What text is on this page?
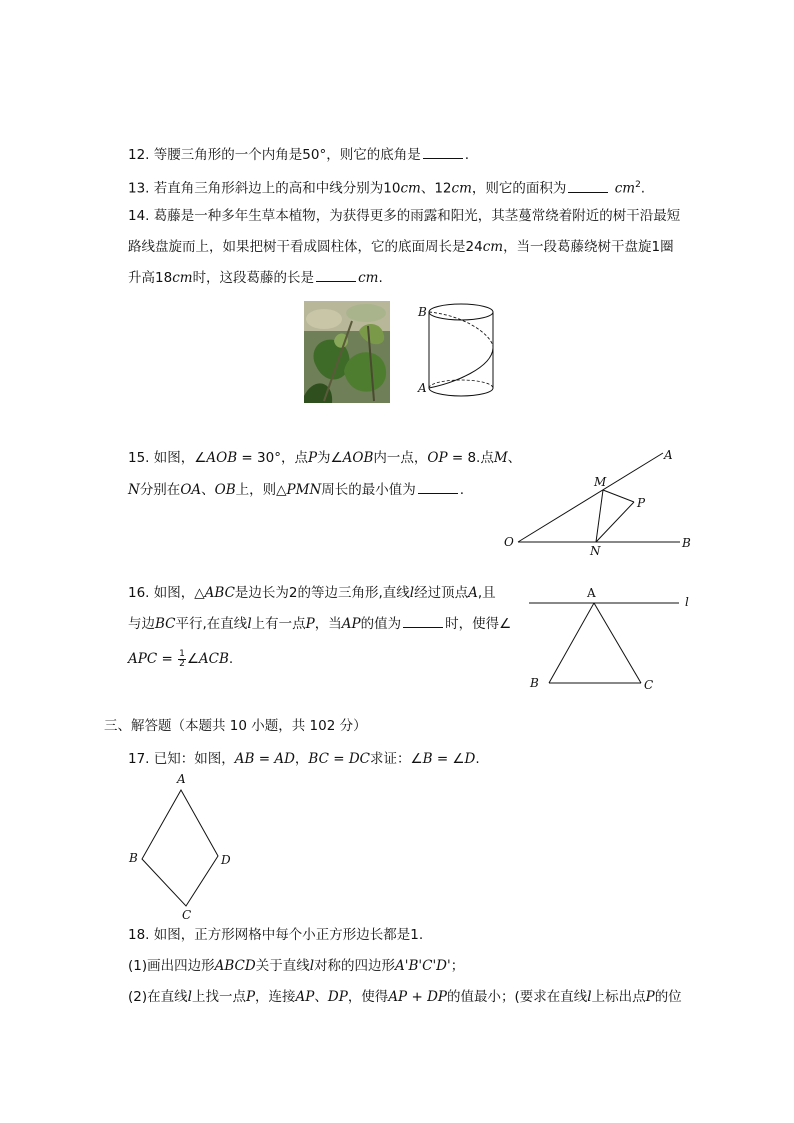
12. 等腰三角形的一个内角是50°，则它的底角是	.
13. 若直角三角形斜边上的高和中线分别为10cm、12cm，则它的面积为	$cm^2$.
14. 葛藤是一种多年生草本植物，为获得更多的雨露和阳光，其茎蔓常绕着附近的树干沿最短
路线盘旋而上，如果把树干看成圆柱体，它的底面周长是24cm，当一段葛藤绕树干盘旋1圈
升高18cm时，这段葛藤的长是	cm.
B
A
15. 如图，∠AOB = 30°，点P为∠AOB内一点，OP = 8.点M、
N分别在OA、OB上，则△PMN周长的最小值为	.
A
M
P
O
N
B
16. 如图，△ABC是边长为2的等边三角形,直线l经过顶点A,且
与边BC平行,在直线l上有一点P，当AP的值为	时，使得∠
APC = $\frac{1}{2}$ ∠ACB.
A
l
B	C
三、解答题（本题共 10 小题，共 102 分）
17. 已知：如图，AB = AD，BC = DC求证：∠B = ∠D.
A
B
C
D
18. 如图，正方形网格中每个小正方形边长都是1.
(1)画出四边形ABCD关于直线l对称的四边形A'B'C'D'；
(2)在直线l上找一点P，连接AP、DP，使得AP + DP的值最小；(要求在直线l上标出点P的位
